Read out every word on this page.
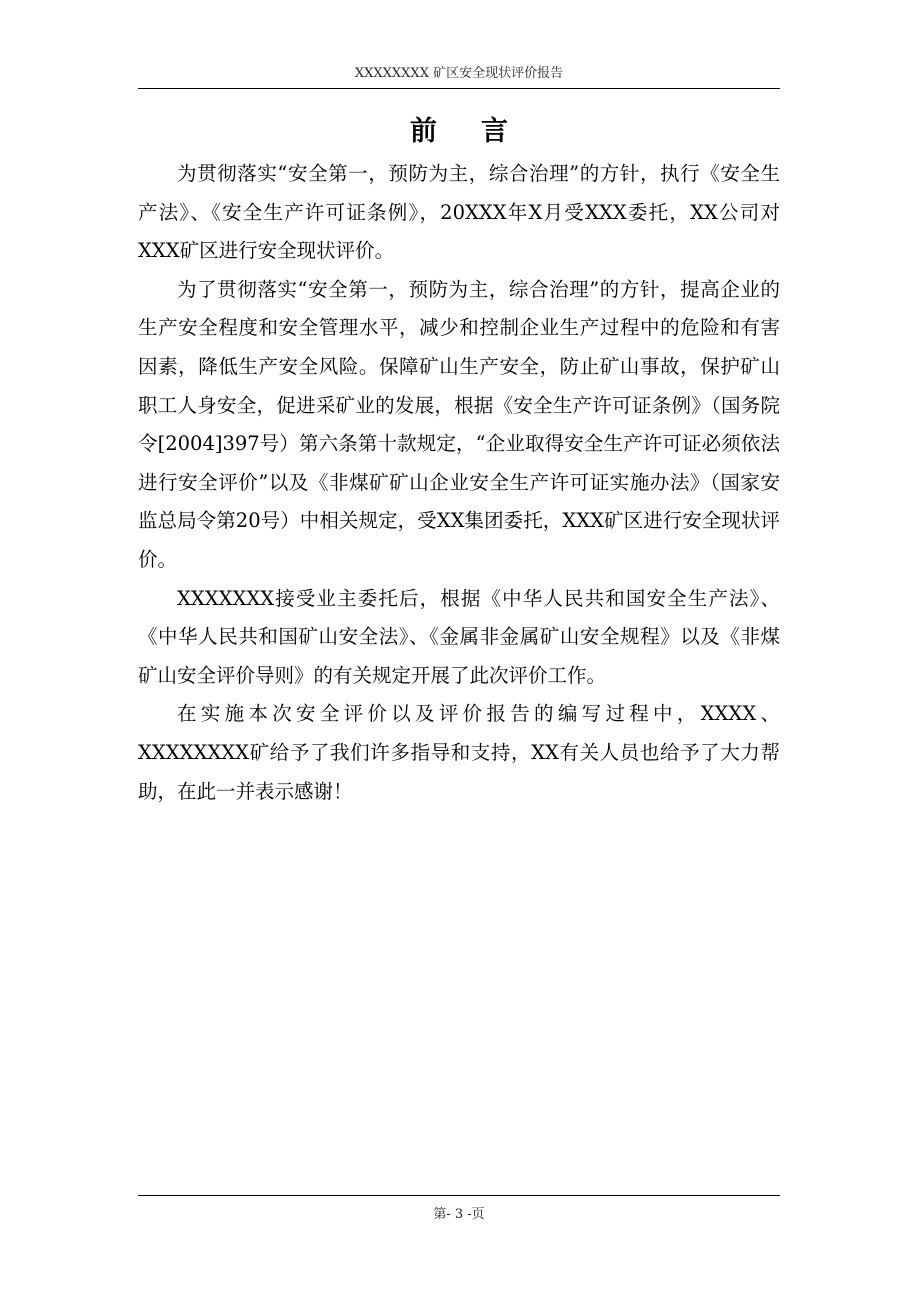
XXXXXXXX 矿区安全现状评价报告
前言

为贯彻落实“安全第一，预防为主，综合治理”的方针，执行《安全生产法》、《安全生产许可证条例》，20XXX年X月受XXX委托，XX公司对XXX矿区进行安全现状评价。

为了贯彻落实“安全第一，预防为主，综合治理”的方针，提高企业的生产安全程度和安全管理水平，减少和控制企业生产过程中的危险和有害因素，降低生产安全风险。保障矿山生产安全，防止矿山事故，保护矿山职工人身安全，促进采矿业的发展，根据《安全生产许可证条例》（国务院令[2004]397号）第六条第十款规定，“企业取得安全生产许可证必须依法进行安全评价”以及《非煤矿矿山企业安全生产许可证实施办法》（国家安监总局令第20号）中相关规定，受XX集团委托，XXX矿区进行安全现状评价。

XXXXXXX接受业主委托后，根据《中华人民共和国安全生产法》、《中华人民共和国矿山安全法》、《金属非金属矿山安全规程》以及《非煤矿山安全评价导则》的有关规定开展了此次评价工作。

在实施本次安全评价以及评价报告的编写过程中，XXXX、XXXXXXXX矿给予了我们许多指导和支持，XX有关人员也给予了大力帮助，在此一并表示感谢！

第- 3 -页
